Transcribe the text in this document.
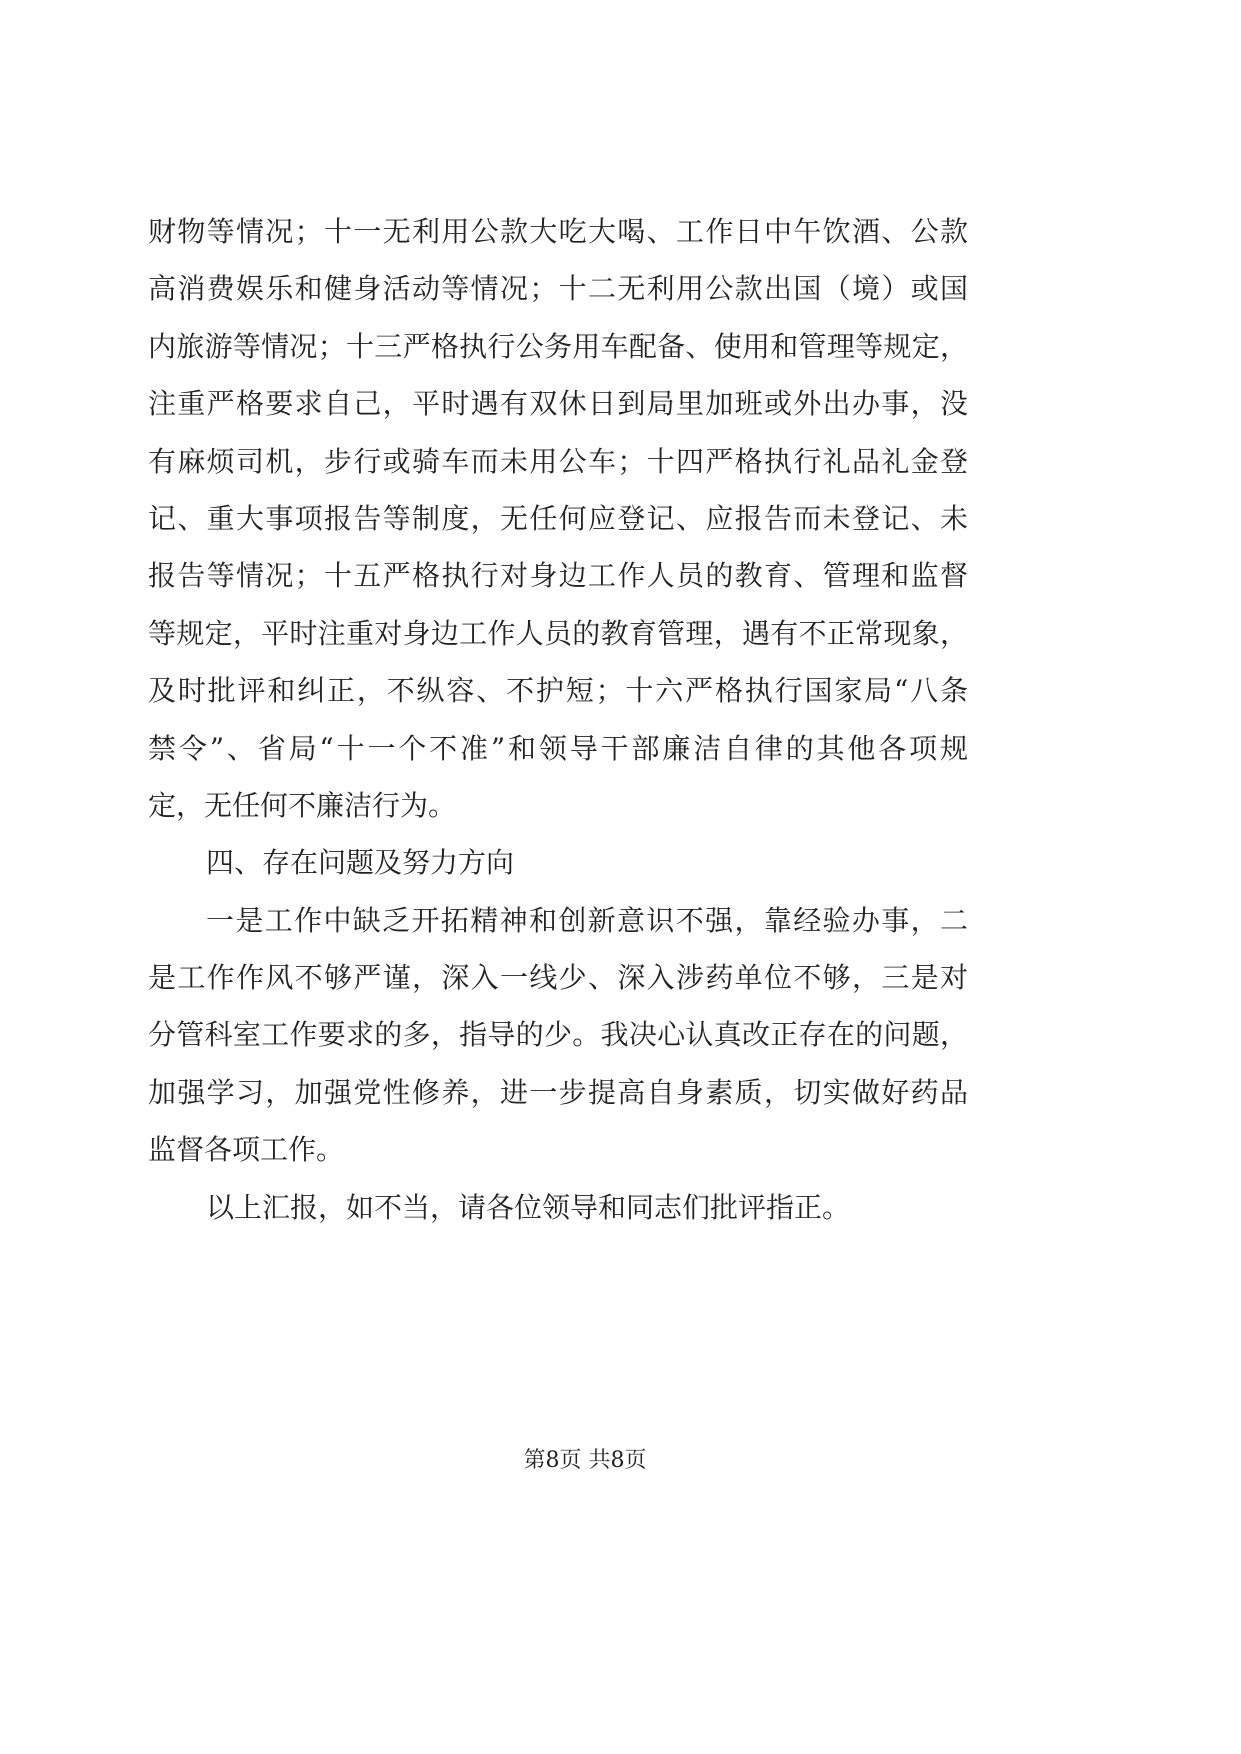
财物等情况；十一无利用公款大吃大喝、工作日中午饮酒、公款
高消费娱乐和健身活动等情况；十二无利用公款出国（境）或国
内旅游等情况；十三严格执行公务用车配备、使用和管理等规定，
注重严格要求自己，平时遇有双休日到局里加班或外出办事，没
有麻烦司机，步行或骑车而未用公车；十四严格执行礼品礼金登
记、重大事项报告等制度，无任何应登记、应报告而未登记、未
报告等情况；十五严格执行对身边工作人员的教育、管理和监督
等规定，平时注重对身边工作人员的教育管理，遇有不正常现象，
及时批评和纠正，不纵容、不护短；十六严格执行国家局“八条
禁令”、省局“十一个不准”和领导干部廉洁自律的其他各项规
定，无任何不廉洁行为。
四、存在问题及努力方向
一是工作中缺乏开拓精神和创新意识不强，靠经验办事，二
是工作作风不够严谨，深入一线少、深入涉药单位不够，三是对
分管科室工作要求的多，指导的少。我决心认真改正存在的问题，
加强学习，加强党性修养，进一步提高自身素质，切实做好药品
监督各项工作。
以上汇报，如不当，请各位领导和同志们批评指正。
第8页 共8页
